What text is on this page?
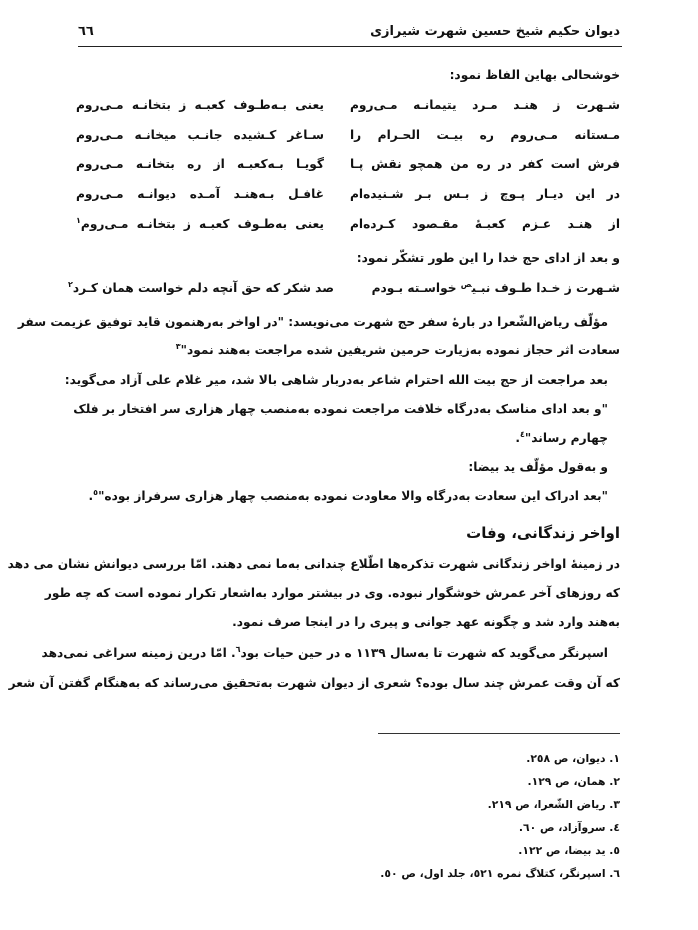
دیوان حکیم شیخ حسین شهرت شیرازی
٦٦
خوشحالی بهاین الفاظ نمود:
شـهرت ز هنـد مـرد یتیمانـه مـی‌روم
یعنی بـه‌طـوف کعبـه ز بتخانـه مـی‌روم
مـستانه مـی‌روم ره بیـت الحـرام را
سـاغر کـشیده جانـب میخانـه مـی‌روم
فرش است کفر در ره من همچو نقش پـا
گویـا بـه‌کعبـه از ره بتخانـه مـی‌روم
در این دیـار پـوچ ز بـس بـر شـنیده‌ام
غافـل بـه‌هنـد آمـده دیوانـه مـی‌روم
از هنـد عـزم کعبـهٔ مقـصود کـرده‌ام
یعنی به‌طـوف کعبـه ز بتخانـه مـی‌روم$^١$
و بعد از ادای حج خدا را این طور تشکّر نمود:
شـهرت ز خـدا طـوف نبـی$^ص$ خواسـته بـودم
صد شکر که حق آنچه دلم خواست همان کـرد$^٢$
مؤلّف ریاض‌الشّعرا در بارهٔ سفر حج شهرت می‌نویسد: "در اواخر به‌رهنمون قاید توفیق عزیمت سفر
سعادت اثر حجاز نموده به‌زیارت حرمین شریفین شده مراجعت به‌هند نمود"$^٣$
بعد مراجعت از حج بیت الله احترام شاعر به‌دربار شاهی بالا شد، میر غلام علی آزاد می‌گوید:
"و بعد ادای مناسک به‌درگاه خلافت مراجعت نموده به‌منصب چهار هزاری سر افتخار بر فلک
چهارم رساند"$^٤$.
و به‌قول مؤلّف ید بیضا:
"بعد ادراک این سعادت به‌درگاه والا معاودت نموده به‌منصب چهار هزاری سرفراز بوده"$^٥$.
اواخر زندگانی، وفات
در زمینهٔ اواخر زندگانی شهرت تذکره‌ها اطّلاع چندانی به‌ما نمی دهند. امّا بررسی دیوانش نشان می دهد
که روزهای آخر عمرش خوشگوار نبوده. وی در بیشتر موارد به‌اشعار تکرار نموده است که چه طور
به‌هند وارد شد و چگونه عهد جوانی و پیری را در اینجا صرف نمود.
اسپرنگر می‌گوید که شهرت تا به‌سال ١١٣٩ ه در حین حیات بود$^٦$. امّا درین زمینه سراغی نمی‌دهد
که آن وقت عمرش چند سال بوده؟ شعری از دیوان شهرت به‌تحقیق می‌رساند که به‌هنگام گفتن آن شعر
١. دیوان، ص ٢٥٨.
٢. همان، ص ١٢٩.
٣. ریاض الشّعرا، ص ٢١٩.
٤. سروآزاد، ص ٦٠.
٥. ید بیضا، ص ١٢٢.
٦. اسپرنگر، کتلاگ نمره ٥٢١، جلد اول، ص ٥٠.
